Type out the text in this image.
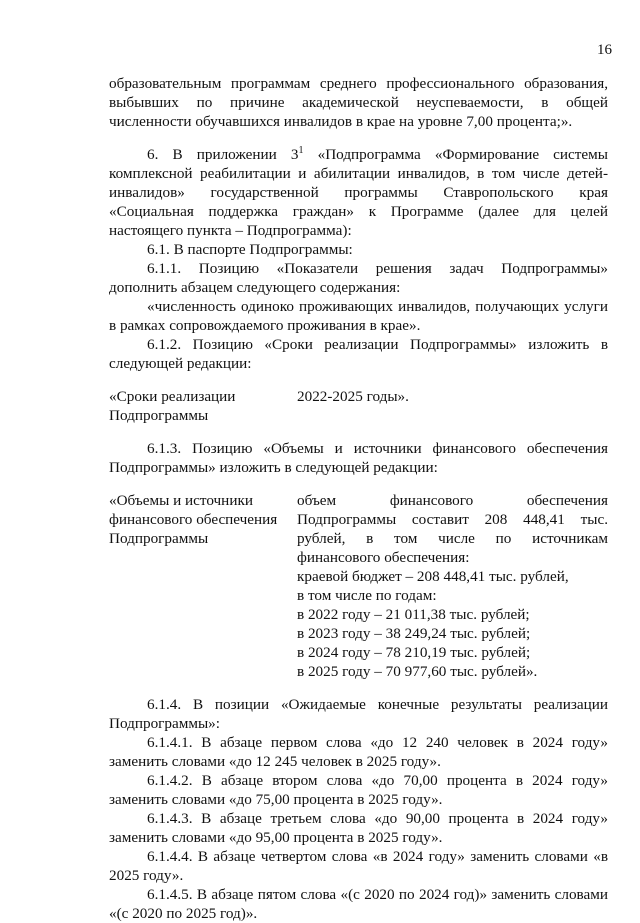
16

образовательным программам среднего профессионального образования, выбывших по причине академической неуспеваемости, в общей численности обучавшихся инвалидов в крае на уровне 7,00 процента;».

6. В приложении $3^1$ «Подпрограмма «Формирование системы комплексной реабилитации и абилитации инвалидов, в том числе детей-инвалидов» государственной программы Ставропольского края «Социальная поддержка граждан» к Программе (далее для целей настоящего пункта – Подпрограмма):

6.1. В паспорте Подпрограммы:

6.1.1. Позицию «Показатели решения задач Подпрограммы» дополнить абзацем следующего содержания:

«численность одиноко проживающих инвалидов, получающих услуги в рамках сопровождаемого проживания в крае».

6.1.2. Позицию «Сроки реализации Подпрограммы» изложить в следующей редакции:

«Сроки реализации
Подпрограммы
2022-2025 годы».

6.1.3. Позицию «Объемы и источники финансового обеспечения Подпрограммы» изложить в следующей редакции:

«Объемы и источники
финансового обеспечения
Подпрограммы
объем финансового обеспечения Подпрограммы составит 208 448,41 тыс. рублей, в том числе по источникам финансового обеспечения:
краевой бюджет – 208 448,41 тыс. рублей,
в том числе по годам:
в 2022 году – 21 011,38 тыс. рублей;
в 2023 году – 38 249,24 тыс. рублей;
в 2024 году – 78 210,19 тыс. рублей;
в 2025 году – 70 977,60 тыс. рублей».

6.1.4. В позиции «Ожидаемые конечные результаты реализации Подпрограммы»:

6.1.4.1. В абзаце первом слова «до 12 240 человек в 2024 году» заменить словами «до 12 245 человек в 2025 году».

6.1.4.2. В абзаце втором слова «до 70,00 процента в 2024 году» заменить словами «до 75,00 процента в 2025 году».

6.1.4.3. В абзаце третьем слова «до 90,00 процента в 2024 году» заменить словами «до 95,00 процента в 2025 году».

6.1.4.4. В абзаце четвертом слова «в 2024 году» заменить словами «в 2025 году».

6.1.4.5. В абзаце пятом слова «(с 2020 по 2024 год)» заменить словами «(с 2020 по 2025 год)».
